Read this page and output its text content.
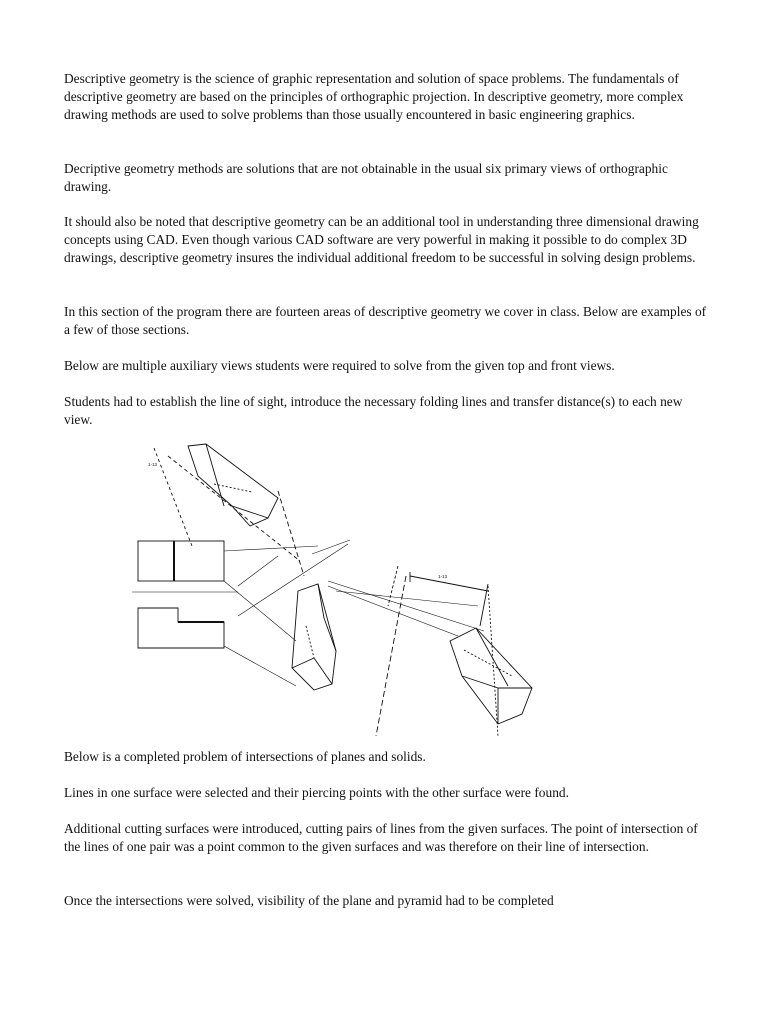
Descriptive geometry is the science of graphic representation and solution of space problems. The fundamentals of descriptive geometry are based on the principles of orthographic projection. In descriptive geometry, more complex drawing methods are used to solve problems than those usually encountered in basic engineering graphics.

Decriptive geometry methods are solutions that are not obtainable in the usual six primary views of orthographic drawing.

It should also be noted that descriptive geometry can be an additional tool in understanding three dimensional drawing concepts using CAD. Even though various CAD software are very powerful in making it possible to do complex 3D drawings, descriptive geometry insures the individual additional freedom to be successful in solving design problems.

In this section of the program there are fourteen areas of descriptive geometry we cover in class. Below are examples of a few of those sections.

Below are multiple auxiliary views students were required to solve from the given top and front views.

Students had to establish the line of sight, introduce the necessary folding lines and transfer distance(s) to each new view.

1-13
1-13

Below is a completed problem of intersections of planes and solids.

Lines in one surface were selected and their piercing points with the other surface were found.

Additional cutting surfaces were introduced, cutting pairs of lines from the given surfaces. The point of intersection of the lines of one pair was a point common to the given surfaces and was therefore on their line of intersection.

Once the intersections were solved, visibility of the plane and pyramid had to be completed
